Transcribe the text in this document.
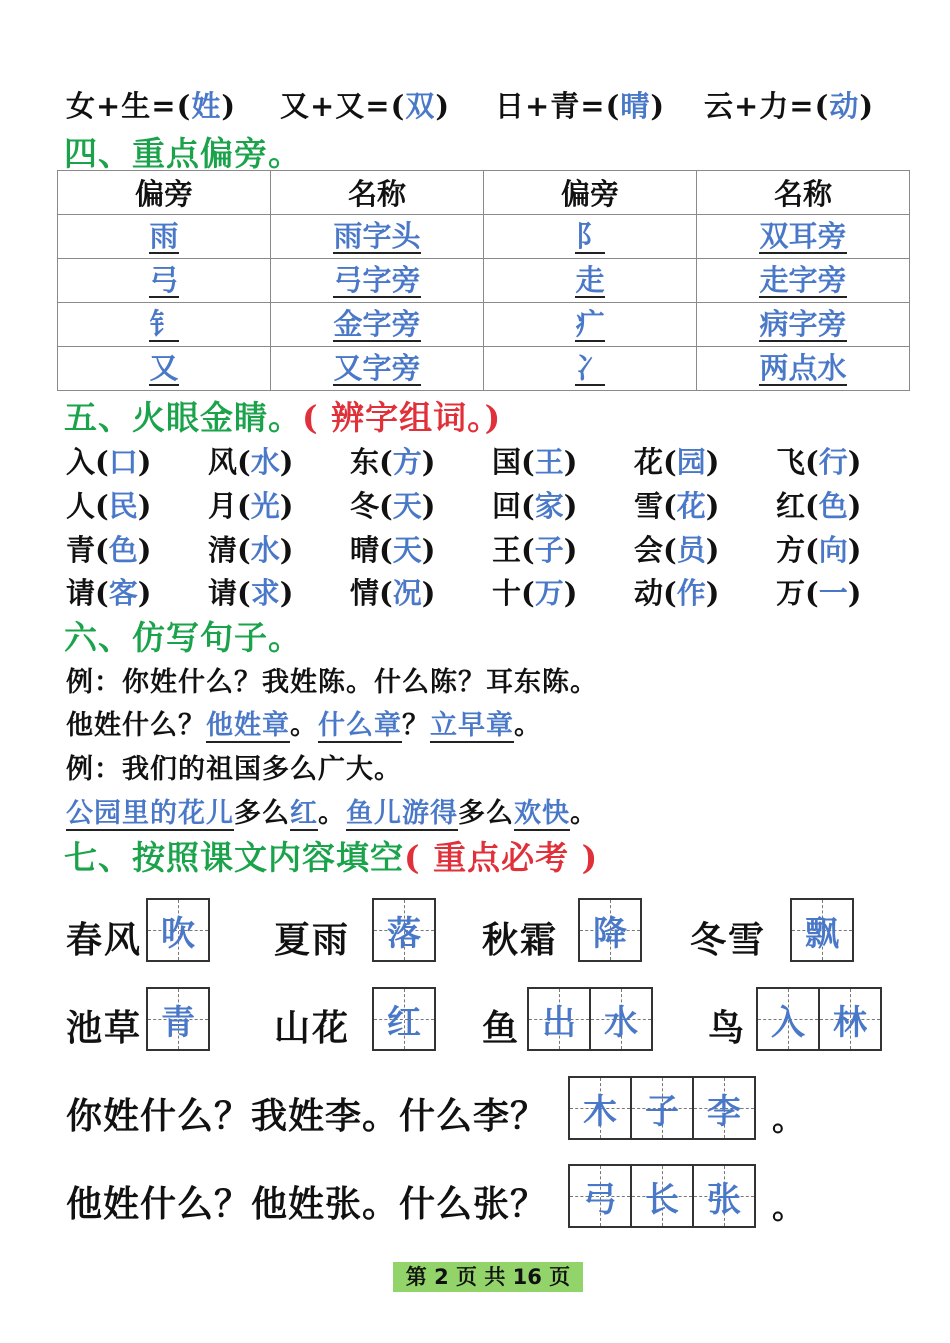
女+生=(姓) 又+又=(双) 日+青=(晴) 云+力=(动)
四、重点偏旁。
偏旁	名称	偏旁	名称
雨	雨字头	阝	双耳旁
弓	弓字旁	走	走字旁
钅	金字旁	疒	病字旁
又	又字旁	冫	两点水
五、火眼金睛。( 辨字组词。)
入(口) 风(水) 东(方) 国(王) 花(园) 飞(行)
人(民) 月(光) 冬(天) 回(家) 雪(花) 红(色)
青(色) 清(水) 晴(天) 王(子) 会(员) 方(向)
请(客) 请(求) 情(况) 十(万) 动(作) 万(一)
六、仿写句子。
例：你姓什么？我姓陈。什么陈？耳东陈。
他姓什么？他姓章。什么章？立早章。
例：我们的祖国多么广大。
公园里的花儿多么红。鱼儿游得多么欢快。
七、按照课文内容填空( 重点必考 )
春风 吹 夏雨 落 秋霜 降 冬雪 飘
池草 青 山花 红 鱼 出 水 鸟 入 林
你姓什么？我姓李。什么李？ 木 子 李 。
他姓什么？他姓张。什么张？ 弓 长 张 。
第 2 页 共 16 页
